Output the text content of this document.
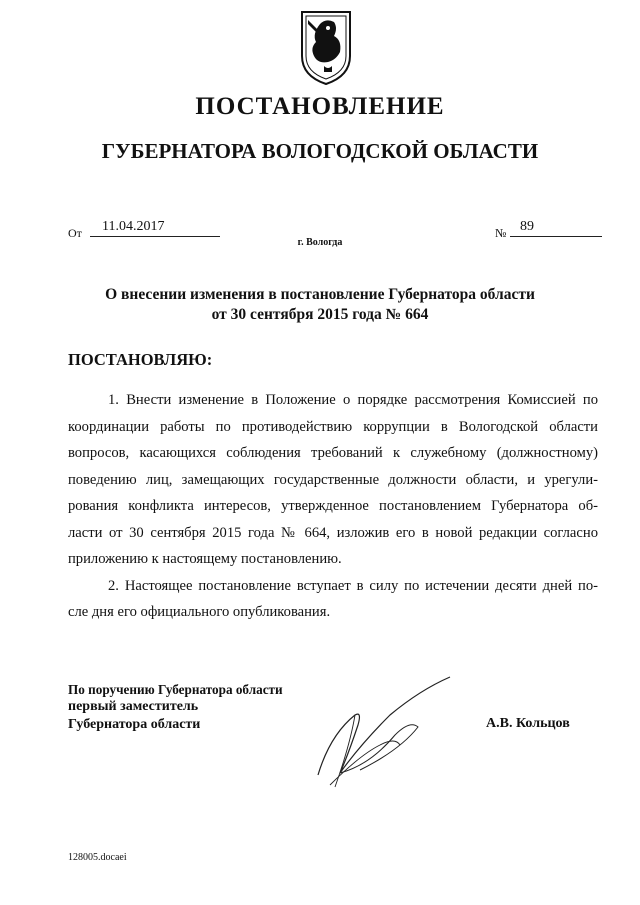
ПОСТАНОВЛЕНИЕ
ГУБЕРНАТОРА ВОЛОГОДСКОЙ ОБЛАСТИ
От	11.04.2017	№ 89
г. Вологда
О внесении изменения в постановление Губернатора области
от 30 сентября 2015 года № 664
ПОСТАНОВЛЯЮ:
1. Внести изменение в Положение о порядке рассмотрения Комиссией по
координации работы по противодействию коррупции в Вологодской области
вопросов, касающихся соблюдения требований к служебному (должностному)
поведению лиц, замещающих государственные должности области, и урегули-
рования конфликта интересов, утвержденное постановлением Губернатора об-
ласти от 30 сентября 2015 года № 664, изложив его в новой редакции согласно
приложению к настоящему постановлению.
2. Настоящее постановление вступает в силу по истечении десяти дней по-
сле дня его официального опубликования.
По поручению Губернатора области
первый заместитель
Губернатора области	А.В. Кольцов
128005.docaei
